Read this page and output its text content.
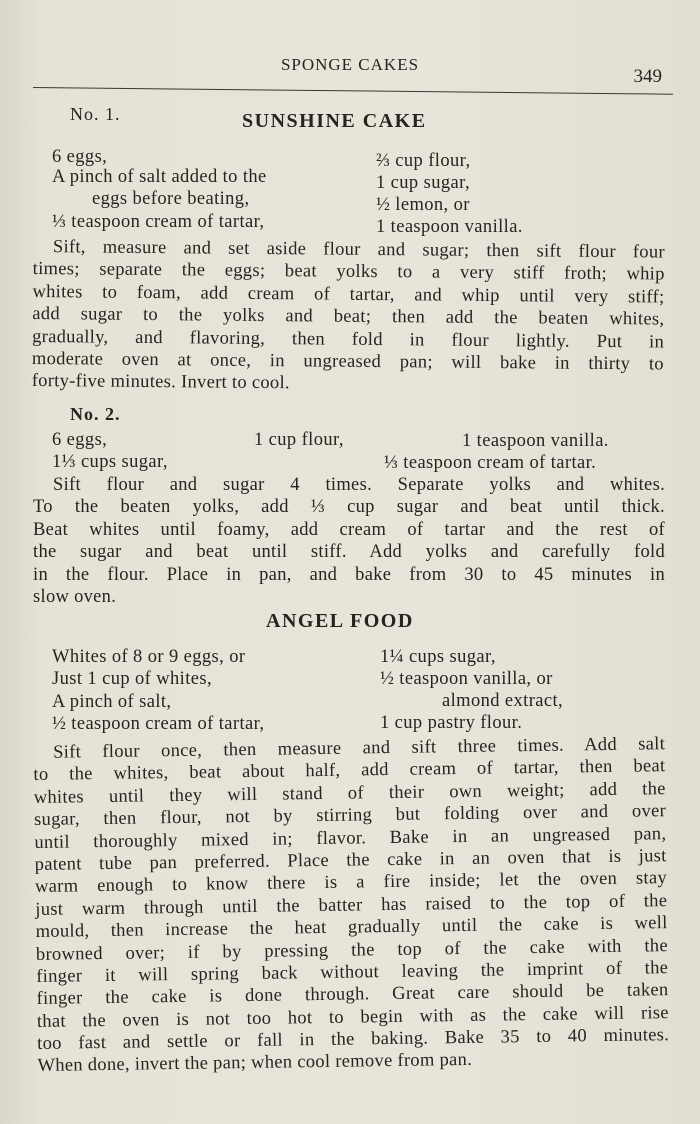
SPONGE CAKES
349
No. 1.	SUNSHINE CAKE
6 eggs,
A pinch of salt added to the
eggs before beating,
⅓ teaspoon cream of tartar,
⅔ cup flour,
1 cup sugar,
½ lemon, or
1 teaspoon vanilla.
Sift, measure and set aside flour and sugar; then sift flour four
times; separate the eggs; beat yolks to a very stiff froth; whip
whites to foam, add cream of tartar, and whip until very stiff;
add sugar to the yolks and beat; then add the beaten whites,
gradually, and flavoring, then fold in flour lightly. Put in
moderate oven at once, in ungreased pan; will bake in thirty to
forty-five minutes. Invert to cool.
No. 2.
6 eggs,	1 cup flour,	1 teaspoon vanilla.
1⅓ cups sugar,	⅓ teaspoon cream of tartar.
Sift flour and sugar 4 times. Separate yolks and whites.
To the beaten yolks, add ⅓ cup sugar and beat until thick.
Beat whites until foamy, add cream of tartar and the rest of
the sugar and beat until stiff. Add yolks and carefully fold
in the flour. Place in pan, and bake from 30 to 45 minutes in
slow oven.
ANGEL FOOD
Whites of 8 or 9 eggs, or
Just 1 cup of whites,
A pinch of salt,
½ teaspoon cream of tartar,
1¼ cups sugar,
½ teaspoon vanilla, or
almond extract,
1 cup pastry flour.
Sift flour once, then measure and sift three times. Add salt
to the whites, beat about half, add cream of tartar, then beat
whites until they will stand of their own weight; add the
sugar, then flour, not by stirring but folding over and over
until thoroughly mixed in; flavor. Bake in an ungreased pan,
patent tube pan preferred. Place the cake in an oven that is just
warm enough to know there is a fire inside; let the oven stay
just warm through until the batter has raised to the top of the
mould, then increase the heat gradually until the cake is well
browned over; if by pressing the top of the cake with the
finger it will spring back without leaving the imprint of the
finger the cake is done through. Great care should be taken
that the oven is not too hot to begin with as the cake will rise
too fast and settle or fall in the baking. Bake 35 to 40 minutes.
When done, invert the pan; when cool remove from pan.
